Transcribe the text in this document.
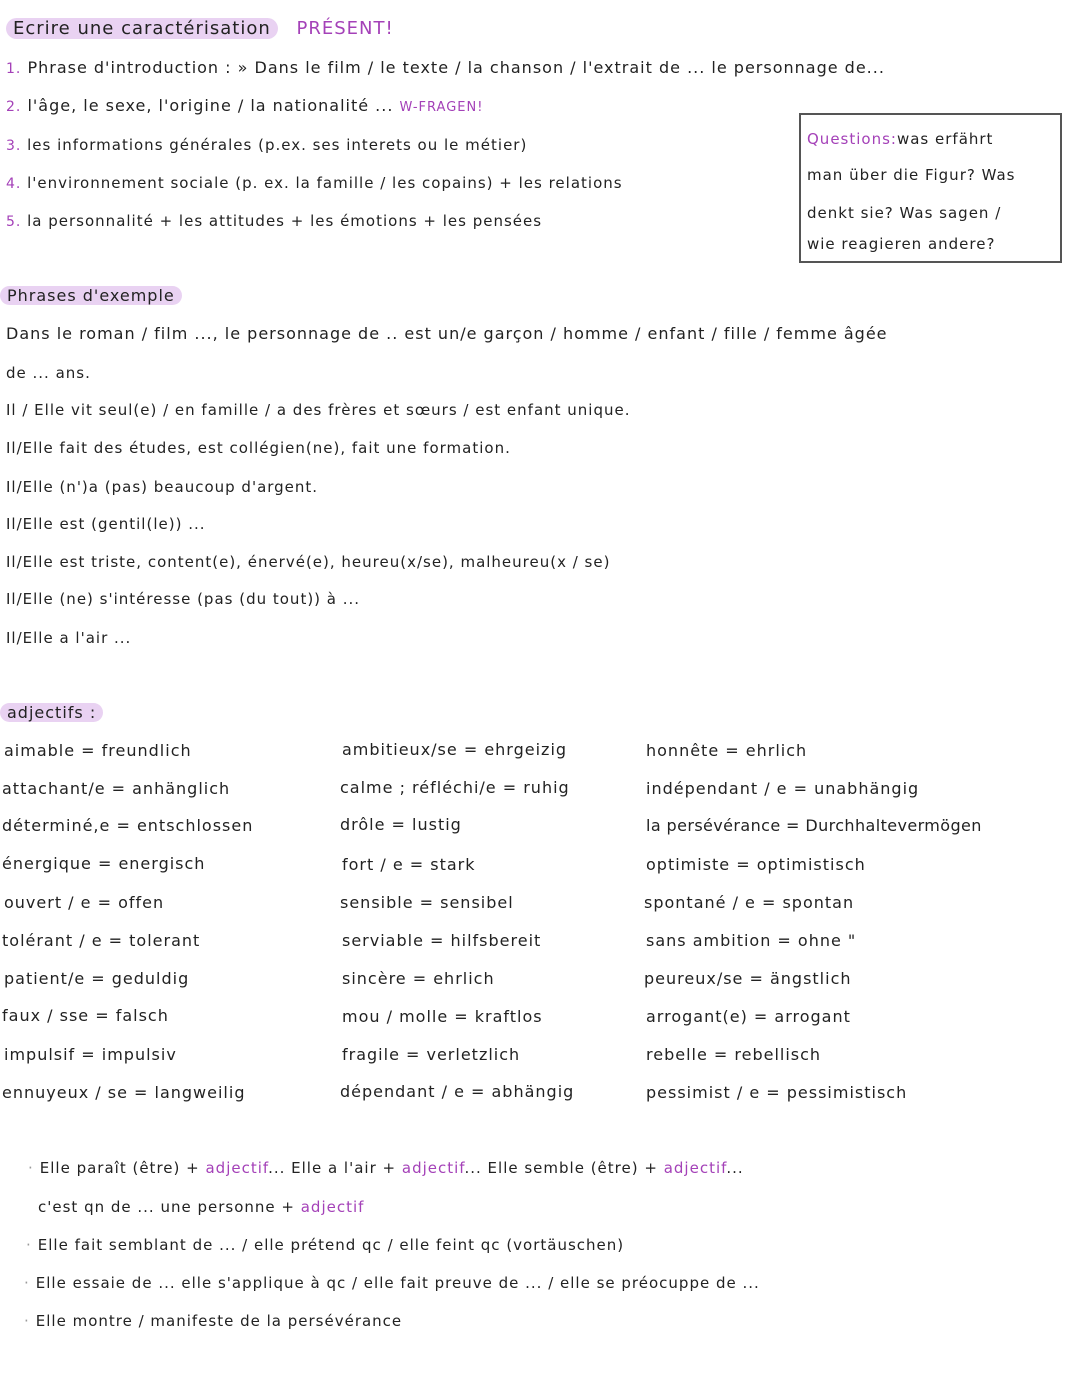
Ecrire une caractérisation PRÉSENT!
1. Phrase d'introduction : » Dans le film / le texte / la chanson / l'extrait de ... le personnage de...
2. l'âge, le sexe, l'origine / la nationalité ... W-FRAGEN!
3. les informations générales (p.ex. ses interets ou le métier)
4. l'environnement sociale (p. ex. la famille / les copains) + les relations
5. la personnalité + les attitudes + les émotions + les pensées
Questions:was erfährt
man über die Figur? Was
denkt sie? Was sagen /
wie reagieren andere?
Phrases d'exemple
Dans le roman / film ..., le personnage de .. est un/e garçon / homme / enfant / fille / femme âgée
de ... ans.
Il / Elle vit seul(e) / en famille / a des frères et sœurs / est enfant unique.
Il/Elle fait des études, est collégien(ne), fait une formation.
Il/Elle (n')a (pas) beaucoup d'argent.
Il/Elle est (gentil(le)) ...
Il/Elle est triste, content(e), énervé(e), heureu(x/se), malheureu(x / se)
Il/Elle (ne) s'intéresse (pas (du tout)) à ...
Il/Elle a l'air ...
adjectifs :
aimable = freundlich
attachant/e = anhänglich
déterminé,e = entschlossen
énergique = energisch
ouvert / e = offen
tolérant / e = tolerant
patient/e = geduldig
faux / sse = falsch
impulsif = impulsiv
ennuyeux / se = langweilig
ambitieux/se = ehrgeizig
calme ; réfléchi/e = ruhig
drôle = lustig
fort / e = stark
sensible = sensibel
serviable = hilfsbereit
sincère = ehrlich
mou / molle = kraftlos
fragile = verletzlich
dépendant / e = abhängig
honnête = ehrlich
indépendant / e = unabhängig
la persévérance = Durchhaltevermögen
optimiste = optimistisch
spontané / e = spontan
sans ambition = ohne "
peureux/se = ängstlich
arrogant(e) = arrogant
rebelle = rebellisch
pessimist / e = pessimistisch
· Elle paraît (être) + adjectif... Elle a l'air + adjectif... Elle semble (être) + adjectif...
c'est qn de ... une personne + adjectif
· Elle fait semblant de ... / elle prétend qc / elle feint qc (vortäuschen)
· Elle essaie de ... elle s'applique à qc / elle fait preuve de ... / elle se préocuppe de ...
· Elle montre / manifeste de la persévérance
